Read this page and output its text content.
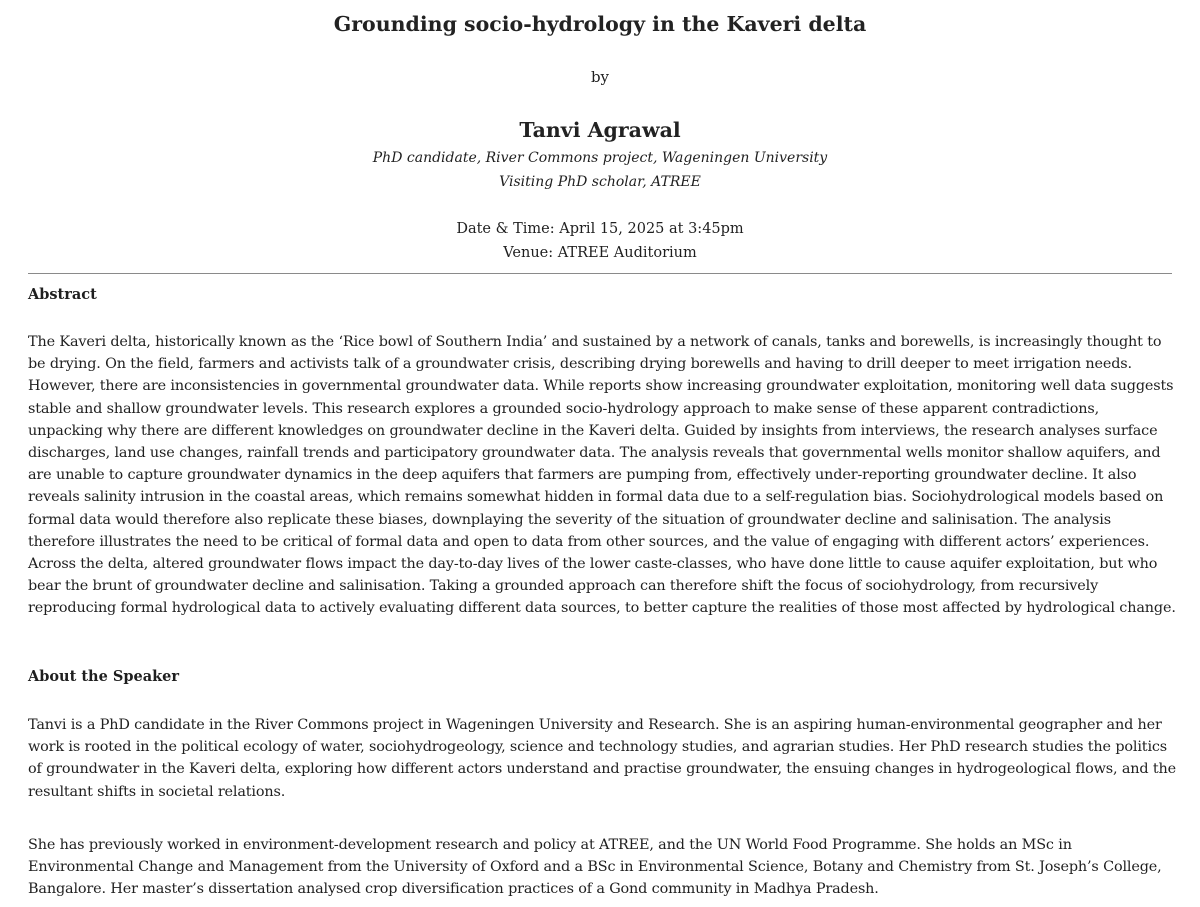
Grounding socio-hydrology in the Kaveri delta

by

Tanvi Agrawal

PhD candidate, River Commons project, Wageningen University

Visiting PhD scholar, ATREE

Date & Time: April 15, 2025 at 3:45pm

Venue: ATREE Auditorium

Abstract

The Kaveri delta, historically known as the ‘Rice bowl of Southern India’ and sustained by a network of canals, tanks and borewells, is increasingly thought to be drying. On the field, farmers and activists talk of a groundwater crisis, describing drying borewells and having to drill deeper to meet irrigation needs. However, there are inconsistencies in governmental groundwater data. While reports show increasing groundwater exploitation, monitoring well data suggests stable and shallow groundwater levels. This research explores a grounded socio-hydrology approach to make sense of these apparent contradictions, unpacking why there are different knowledges on groundwater decline in the Kaveri delta. Guided by insights from interviews, the research analyses surface discharges, land use changes, rainfall trends and participatory groundwater data. The analysis reveals that governmental wells monitor shallow aquifers, and are unable to capture groundwater dynamics in the deep aquifers that farmers are pumping from, effectively under-reporting groundwater decline. It also reveals salinity intrusion in the coastal areas, which remains somewhat hidden in formal data due to a self-regulation bias. Sociohydrological models based on formal data would therefore also replicate these biases, downplaying the severity of the situation of groundwater decline and salinisation. The analysis therefore illustrates the need to be critical of formal data and open to data from other sources, and the value of engaging with different actors’ experiences. Across the delta, altered groundwater flows impact the day-to-day lives of the lower caste-classes, who have done little to cause aquifer exploitation, but who bear the brunt of groundwater decline and salinisation. Taking a grounded approach can therefore shift the focus of sociohydrology, from recursively reproducing formal hydrological data to actively evaluating different data sources, to better capture the realities of those most affected by hydrological change.

About the Speaker

Tanvi is a PhD candidate in the River Commons project in Wageningen University and Research. She is an aspiring human-environmental geographer and her work is rooted in the political ecology of water, sociohydrogeology, science and technology studies, and agrarian studies. Her PhD research studies the politics of groundwater in the Kaveri delta, exploring how different actors understand and practise groundwater, the ensuing changes in hydrogeological flows, and the resultant shifts in societal relations.

She has previously worked in environment-development research and policy at ATREE, and the UN World Food Programme. She holds an MSc in Environmental Change and Management from the University of Oxford and a BSc in Environmental Science, Botany and Chemistry from St. Joseph’s College, Bangalore. Her master’s dissertation analysed crop diversification practices of a Gond community in Madhya Pradesh.
